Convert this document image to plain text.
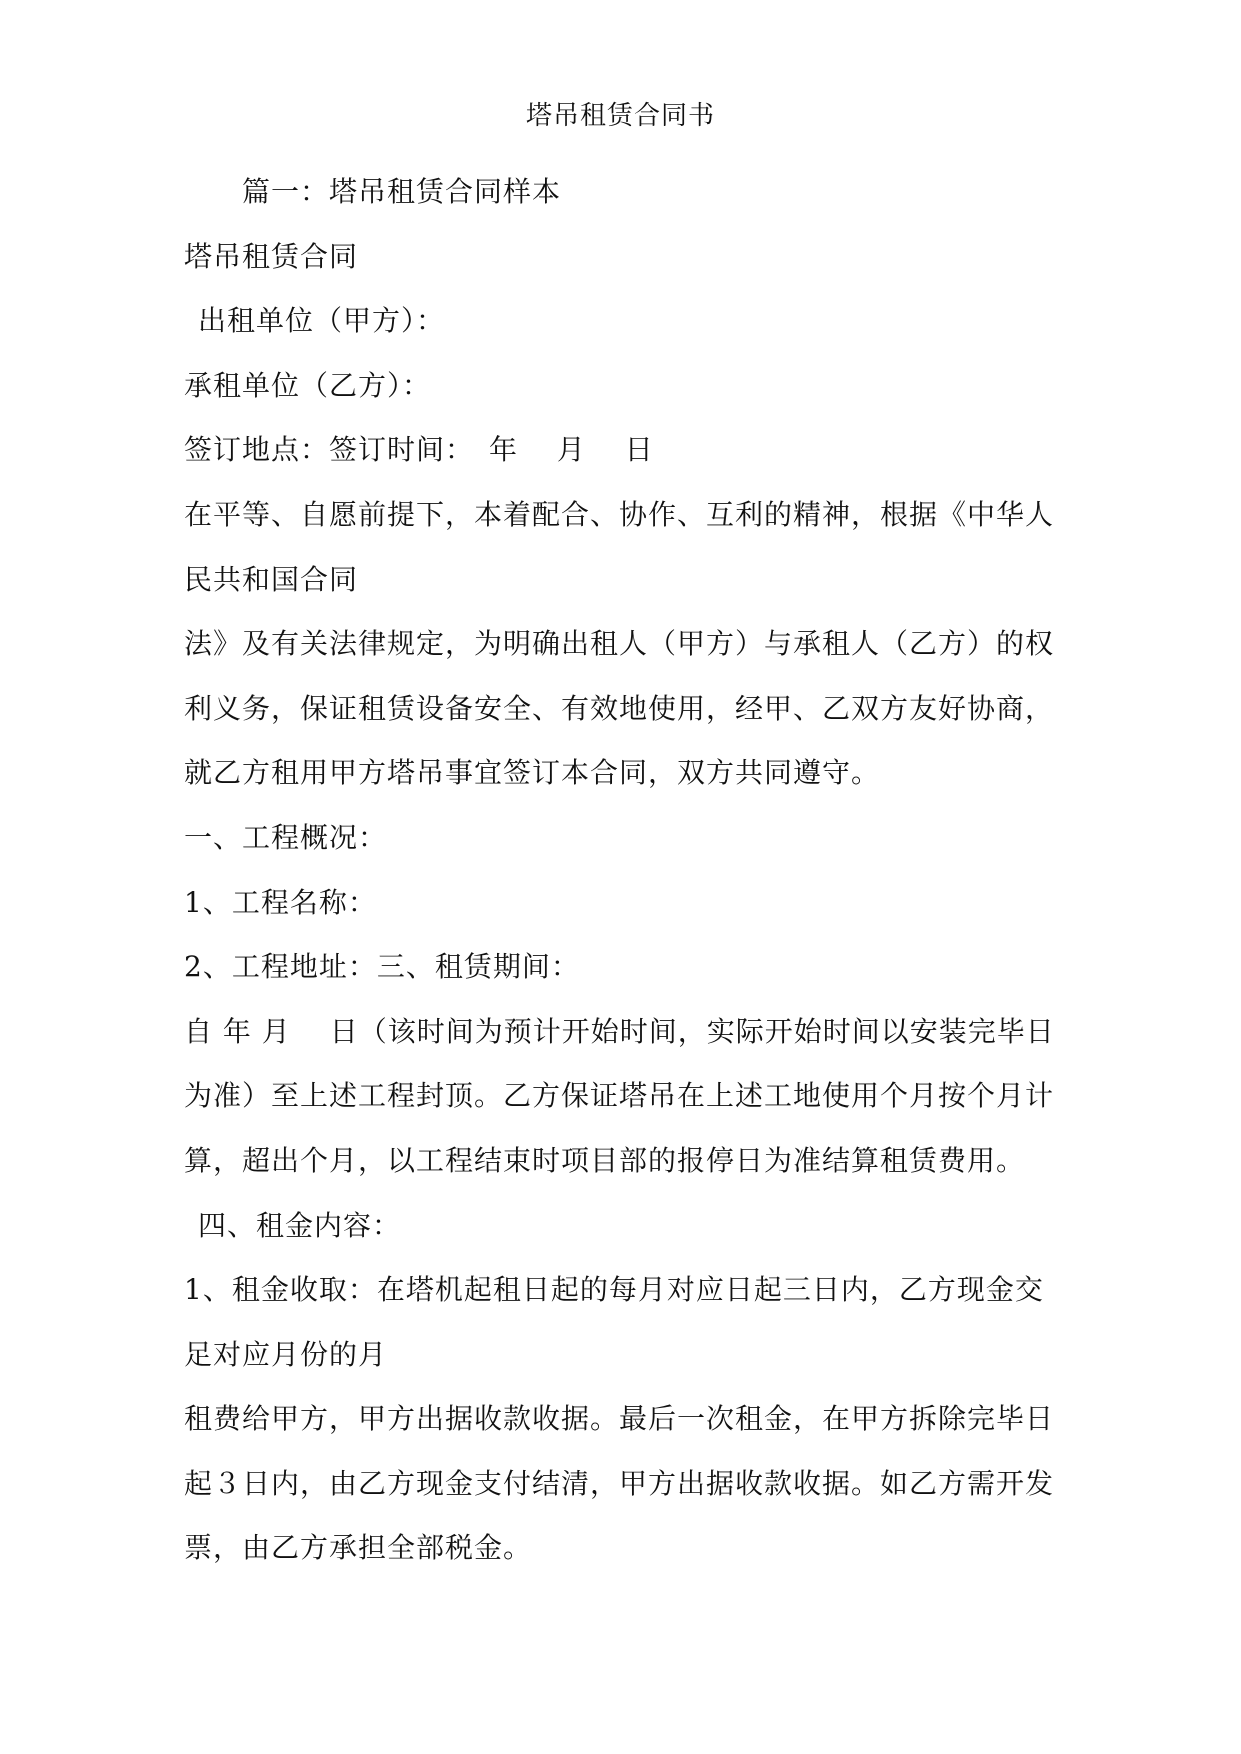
塔吊租赁合同书
篇一：塔吊租赁合同样本
塔吊租赁合同
出租单位（甲方）：
承租单位（乙方）：
签订地点：签订时间：　年　 月　 日
在平等、自愿前提下，本着配合、协作、互利的精神，根据《中华人
民共和国合同
法》及有关法律规定，为明确出租人（甲方）与承租人（乙方）的权
利义务，保证租赁设备安全、有效地使用，经甲、乙双方友好协商，
就乙方租用甲方塔吊事宜签订本合同，双方共同遵守。
一、工程概况：
1、工程名称：
2、工程地址：三、租赁期间：
自 年 月　 日（该时间为预计开始时间，实际开始时间以安装完毕日
为准）至上述工程封顶。乙方保证塔吊在上述工地使用个月按个月计
算，超出个月，以工程结束时项目部的报停日为准结算租赁费用。
四、租金内容：
1、租金收取：在塔机起租日起的每月对应日起三日内，乙方现金交
足对应月份的月
租费给甲方，甲方出据收款收据。最后一次租金，在甲方拆除完毕日
起３日内，由乙方现金支付结清，甲方出据收款收据。如乙方需开发
票，由乙方承担全部税金。
